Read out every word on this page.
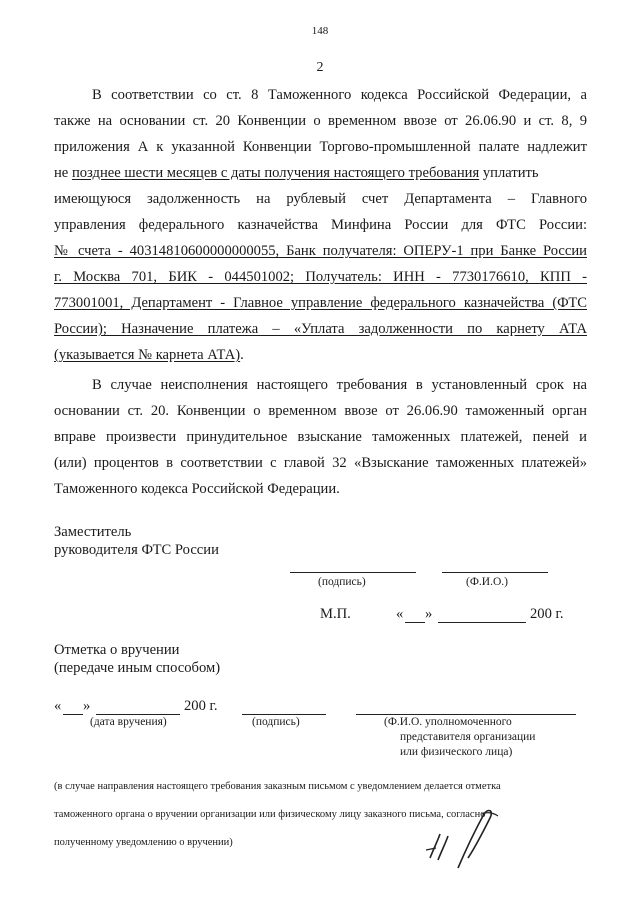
148
2
В соответствии со ст. 8 Таможенного кодекса Российской Федерации, а
также на основании ст. 20 Конвенции о временном ввозе от 26.06.90 и ст. 8, 9
приложения А к указанной Конвенции Торгово-промышленной палате надлежит
не позднее шести месяцев с даты получения настоящего требования уплатить
имеющуюся задолженность на рублевый счет Департамента – Главного
управления федерального казначейства Минфина России для ФТС России:
№ счета - 40314810600000000055, Банк получателя: ОПЕРУ-1 при Банке России
г. Москва 701, БИК - 044501002; Получатель: ИНН - 7730176610, КПП -
773001001, Департамент - Главное управление федерального казначейства (ФТС
России); Назначение платежа – «Уплата задолженности по карнету АТА
(указывается № карнета АТА).
В случае неисполнения настоящего требования в установленный срок на
основании ст. 20. Конвенции о временном ввозе от 26.06.90 таможенный орган
вправе произвести принудительное взыскание таможенных платежей, пеней и
(или) процентов в соответствии с главой 32 «Взыскание таможенных платежей»
Таможенного кодекса Российской Федерации.
Заместитель
руководителя ФТС России
(подпись)	(Ф.И.О.)
М.П.	« »	200 г.
Отметка о вручении
(передаче иным способом)
« »	200 г.
(дата вручения)	(подпись)	(Ф.И.О. уполномоченного
представителя организации
или физического лица)
(в случае направления настоящего требования заказным письмом с уведомлением делается отметка
таможенного органа о вручении организации или физическому лицу заказного письма, согласно
полученному уведомлению о вручении)
